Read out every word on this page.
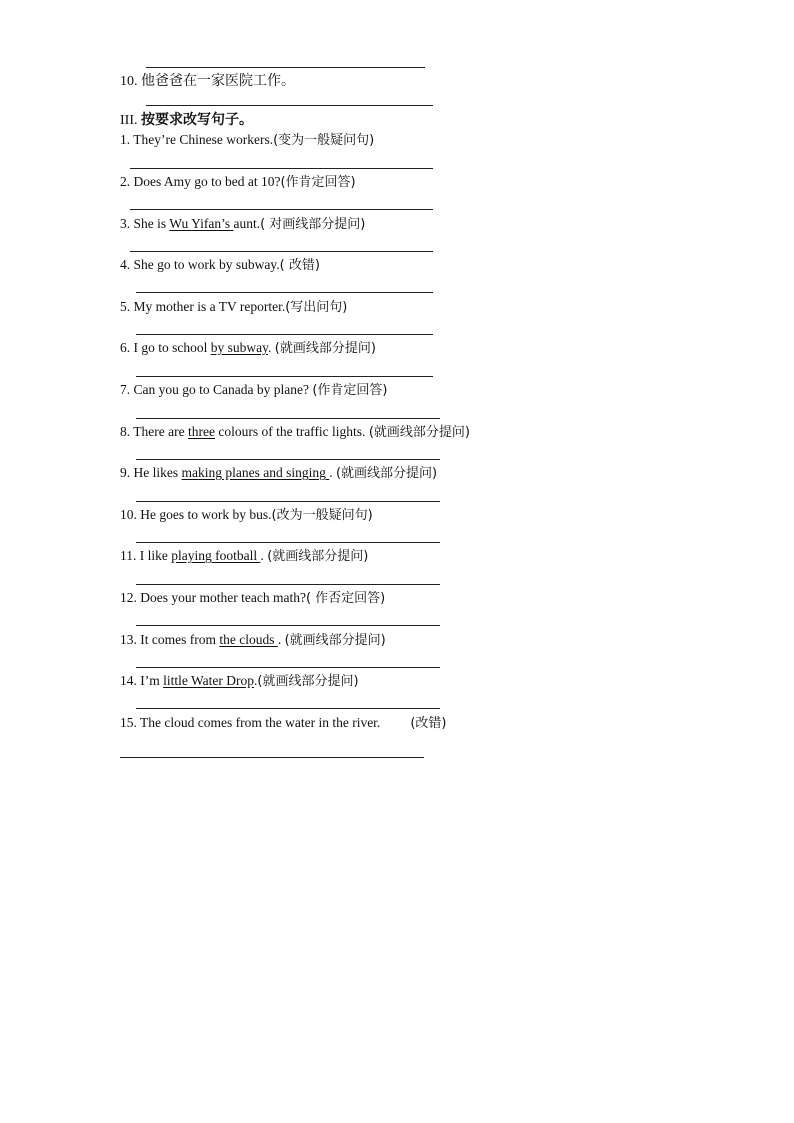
10. 他爸爸在一家医院工作。
III. 按要求改写句子。
1. They’re Chinese workers.(变为一般疑问句)
2. Does Amy go to bed at 10?(作肯定回答)
3. She is Wu Yifan’s aunt.( 对画线部分提问)
4. She go to work by subway.( 改错)
5. My mother is a TV reporter.(写出问句)
6. I go to school by subway. (就画线部分提问)
7. Can you go to Canada by plane? (作肯定回答)
8. There are three colours of the traffic lights. (就画线部分提问)
9. He likes making planes and singing . (就画线部分提问)
10. He goes to work by bus.(改为一般疑问句)
11. I like playing football . (就画线部分提问)
12. Does your mother teach math?( 作否定回答)
13. It comes from the clouds . (就画线部分提问)
14. I’m little Water Drop.(就画线部分提问)
15. The cloud comes from the water in the river. (改错)
